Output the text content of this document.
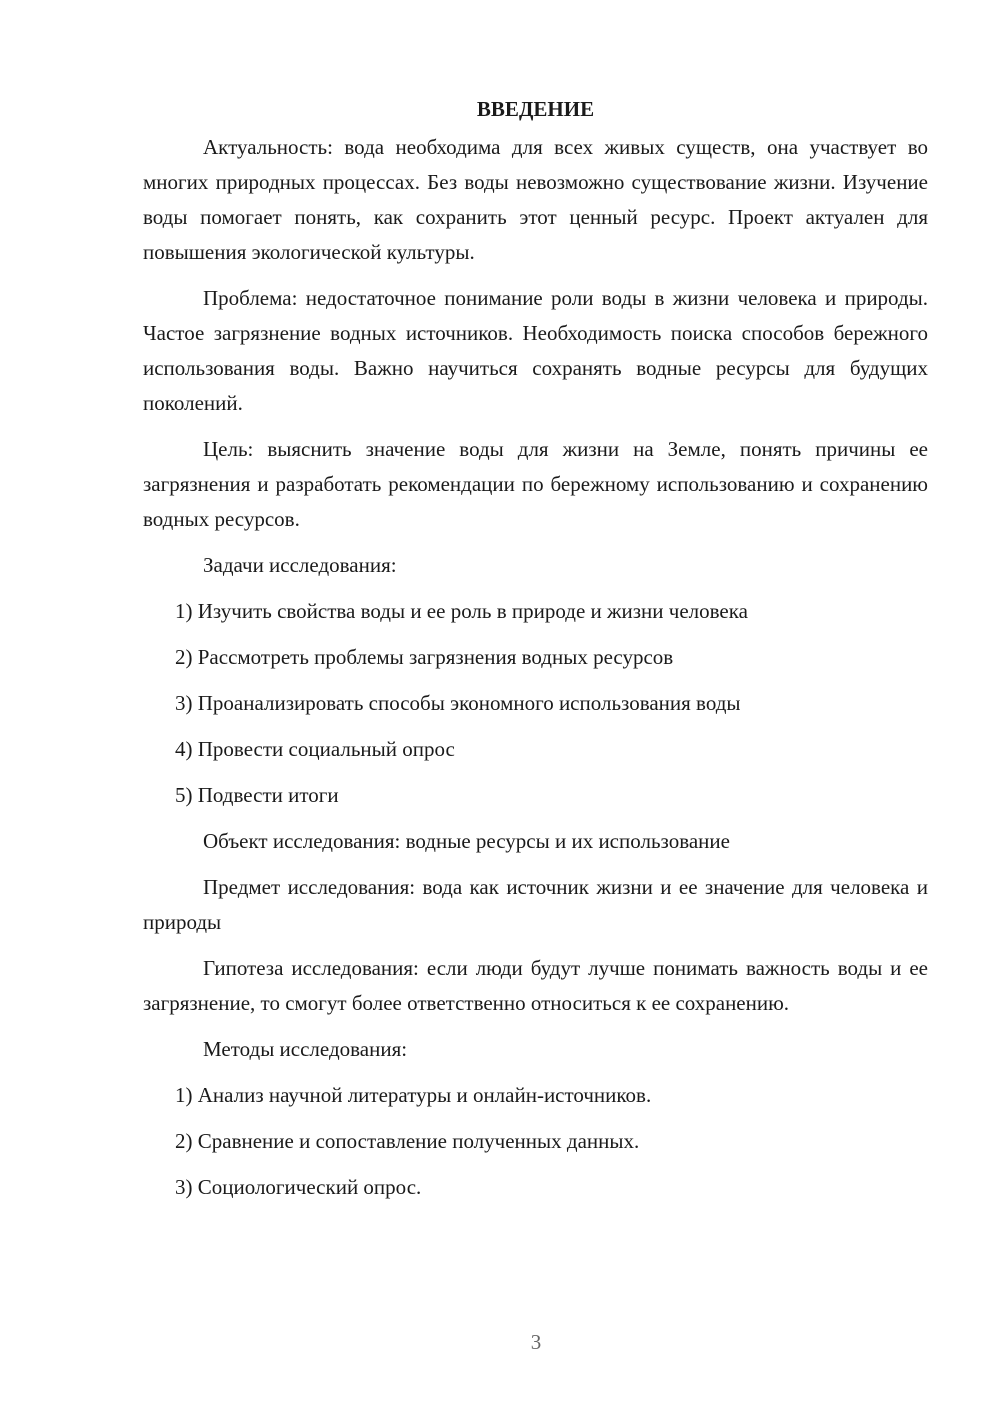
ВВЕДЕНИЕ

Актуальность: вода необходима для всех живых существ, она участвует во многих природных процессах. Без воды невозможно существование жизни. Изучение воды помогает понять, как сохранить этот ценный ресурс. Проект актуален для повышения экологической культуры.

Проблема: недостаточное понимание роли воды в жизни человека и природы. Частое загрязнение водных источников. Необходимость поиска способов бережного использования воды. Важно научиться сохранять водные ресурсы для будущих поколений.

Цель: выяснить значение воды для жизни на Земле, понять причины ее загрязнения и разработать рекомендации по бережному использованию и сохранению водных ресурсов.

Задачи исследования:
1) Изучить свойства воды и ее роль в природе и жизни человека
2) Рассмотреть проблемы загрязнения водных ресурсов
3) Проанализировать способы экономного использования воды
4) Провести социальный опрос
5) Подвести итоги
Объект исследования: водные ресурсы и их использование

Предмет исследования: вода как источник жизни и ее значение для человека и природы

Гипотеза исследования: если люди будут лучше понимать важность воды и ее загрязнение, то смогут более ответственно относиться к ее сохранению.

Методы исследования:
1) Анализ научной литературы и онлайн-источников.
2) Сравнение и сопоставление полученных данных.
3) Социологический опрос.
3
